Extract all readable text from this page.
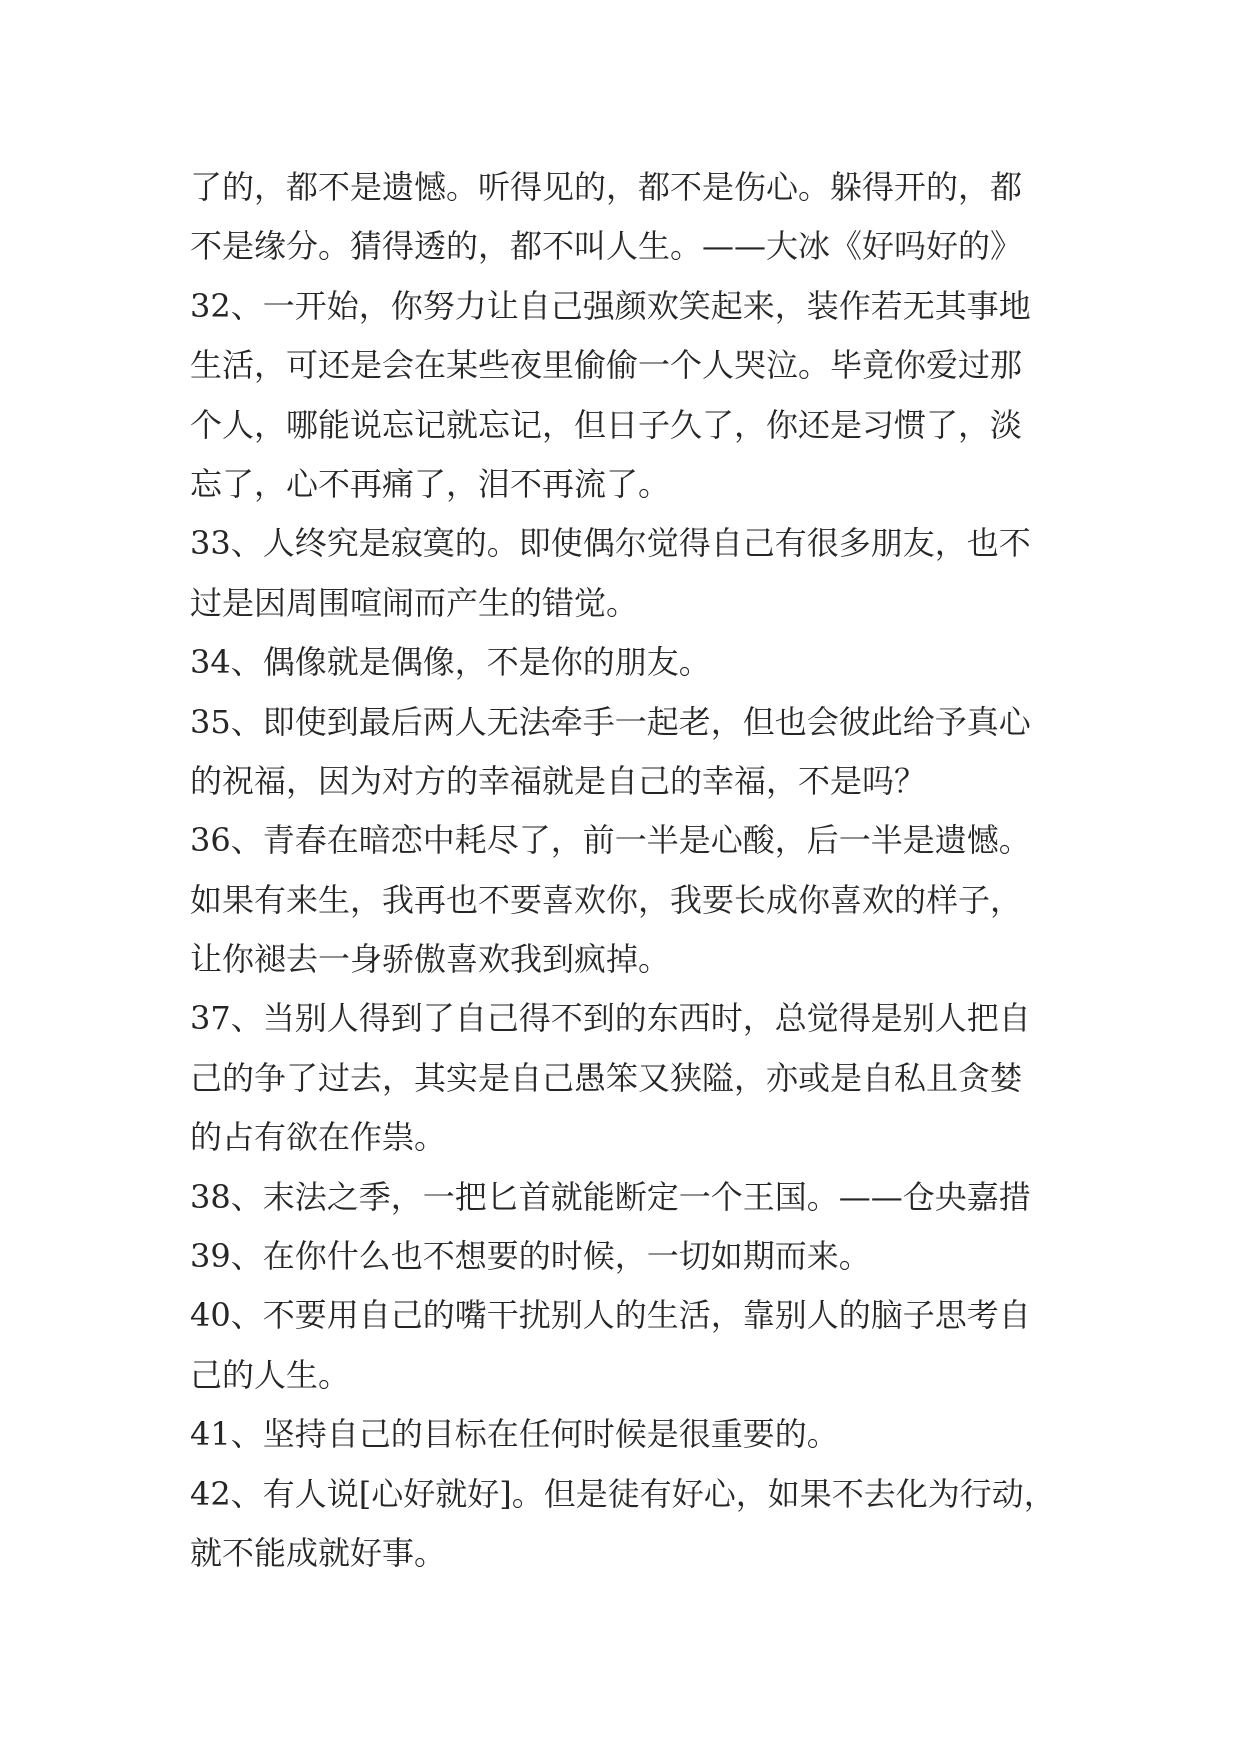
了的，都不是遗憾。听得见的，都不是伤心。躲得开的，都
不是缘分。猜得透的，都不叫人生。——大冰《好吗好的》
32、一开始，你努力让自己强颜欢笑起来，装作若无其事地
生活，可还是会在某些夜里偷偷一个人哭泣。毕竟你爱过那
个人，哪能说忘记就忘记，但日子久了，你还是习惯了，淡
忘了，心不再痛了，泪不再流了。
33、人终究是寂寞的。即使偶尔觉得自己有很多朋友，也不
过是因周围喧闹而产生的错觉。
34、偶像就是偶像，不是你的朋友。
35、即使到最后两人无法牵手一起老，但也会彼此给予真心
的祝福，因为对方的幸福就是自己的幸福，不是吗？
36、青春在暗恋中耗尽了，前一半是心酸，后一半是遗憾。
如果有来生，我再也不要喜欢你，我要长成你喜欢的样子，
让你褪去一身骄傲喜欢我到疯掉。
37、当别人得到了自己得不到的东西时，总觉得是别人把自
己的争了过去，其实是自己愚笨又狭隘，亦或是自私且贪婪
的占有欲在作祟。
38、末法之季，一把匕首就能断定一个王国。——仓央嘉措
39、在你什么也不想要的时候，一切如期而来。
40、不要用自己的嘴干扰别人的生活，靠别人的脑子思考自
己的人生。
41、坚持自己的目标在任何时候是很重要的。
42、有人说[心好就好]。但是徒有好心，如果不去化为行动，
就不能成就好事。
